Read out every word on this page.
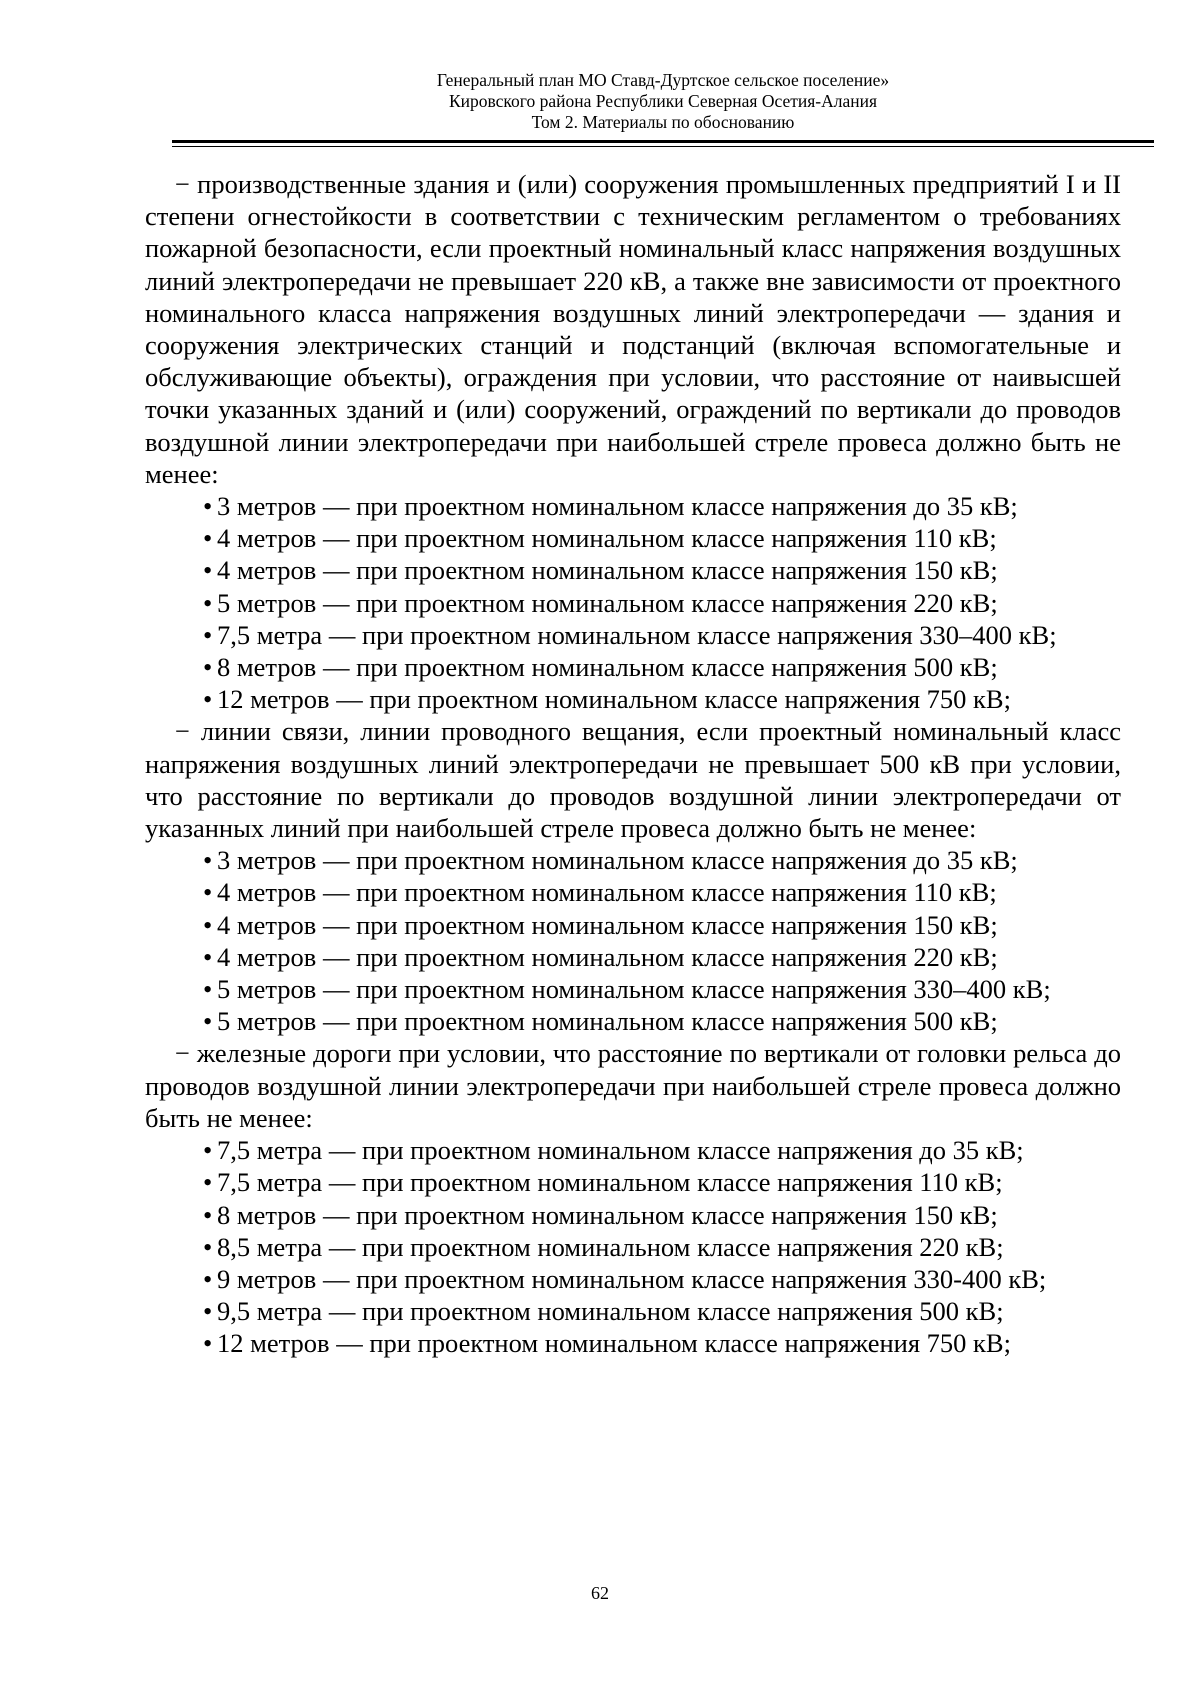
Генеральный план МО Ставд-Дуртское сельское поселение»
Кировского района Республики Северная Осетия-Алания
Том 2. Материалы по обоснованию

− производственные здания и (или) сооружения промышленных предприятий I и II степени огнестойкости в соответствии с техническим регламентом о требованиях пожарной безопасности, если проектный номинальный класс напряжения воздушных линий электропередачи не превышает 220 кВ, а также вне зависимости от проектного номинального класса напряжения воздушных линий электропередачи — здания и сооружения электрических станций и подстанций (включая вспомогательные и обслуживающие объекты), ограждения при условии, что расстояние от наивысшей точки указанных зданий и (или) сооружений, ограждений по вертикали до проводов воздушной линии электропередачи при наибольшей стреле провеса должно быть не менее:

• 3 метров — при проектном номинальном классе напряжения до 35 кВ;
• 4 метров — при проектном номинальном классе напряжения 110 кВ;
• 4 метров — при проектном номинальном классе напряжения 150 кВ;
• 5 метров — при проектном номинальном классе напряжения 220 кВ;
• 7,5 метра — при проектном номинальном классе напряжения 330–400 кВ;
• 8 метров — при проектном номинальном классе напряжения 500 кВ;
• 12 метров — при проектном номинальном классе напряжения 750 кВ;

− линии связи, линии проводного вещания, если проектный номинальный класс напряжения воздушных линий электропередачи не превышает 500 кВ при условии, что расстояние по вертикали до проводов воздушной линии электропередачи от указанных линий при наибольшей стреле провеса должно быть не менее:

• 3 метров — при проектном номинальном классе напряжения до 35 кВ;
• 4 метров — при проектном номинальном классе напряжения 110 кВ;
• 4 метров — при проектном номинальном классе напряжения 150 кВ;
• 4 метров — при проектном номинальном классе напряжения 220 кВ;
• 5 метров — при проектном номинальном классе напряжения 330–400 кВ;
• 5 метров — при проектном номинальном классе напряжения 500 кВ;

− железные дороги при условии, что расстояние по вертикали от головки рельса до проводов воздушной линии электропередачи при наибольшей стреле провеса должно быть не менее:

• 7,5 метра — при проектном номинальном классе напряжения до 35 кВ;
• 7,5 метра — при проектном номинальном классе напряжения 110 кВ;
• 8 метров — при проектном номинальном классе напряжения 150 кВ;
• 8,5 метра — при проектном номинальном классе напряжения 220 кВ;
• 9 метров — при проектном номинальном классе напряжения 330-400 кВ;
• 9,5 метра — при проектном номинальном классе напряжения 500 кВ;
• 12 метров — при проектном номинальном классе напряжения 750 кВ;
62
